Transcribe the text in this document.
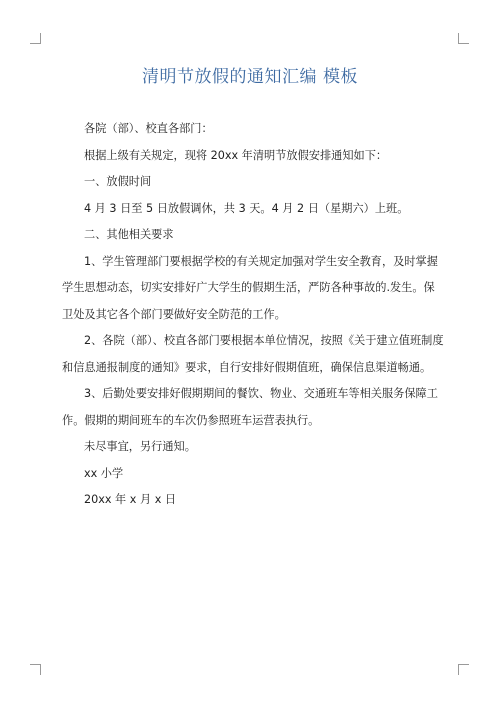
清明节放假的通知汇编 模板

各院（部）、校直各部门：

根据上级有关规定，现将 20xx 年清明节放假安排通知如下：

一、放假时间

4 月 3 日至 5 日放假调休，共 3 天。4 月 2 日（星期六）上班。

二、其他相关要求

1、学生管理部门要根据学校的有关规定加强对学生安全教育，及时掌握学生思想动态，切实安排好广大学生的假期生活，严防各种事故的.发生。保卫处及其它各个部门要做好安全防范的工作。

2、各院（部）、校直各部门要根据本单位情况，按照《关于建立值班制度和信息通报制度的通知》要求，自行安排好假期值班，确保信息渠道畅通。

3、后勤处要安排好假期期间的餐饮、物业、交通班车等相关服务保障工作。假期的期间班车的车次仍参照班车运营表执行。

未尽事宜，另行通知。

xx 小学

20xx 年 x 月 x 日
